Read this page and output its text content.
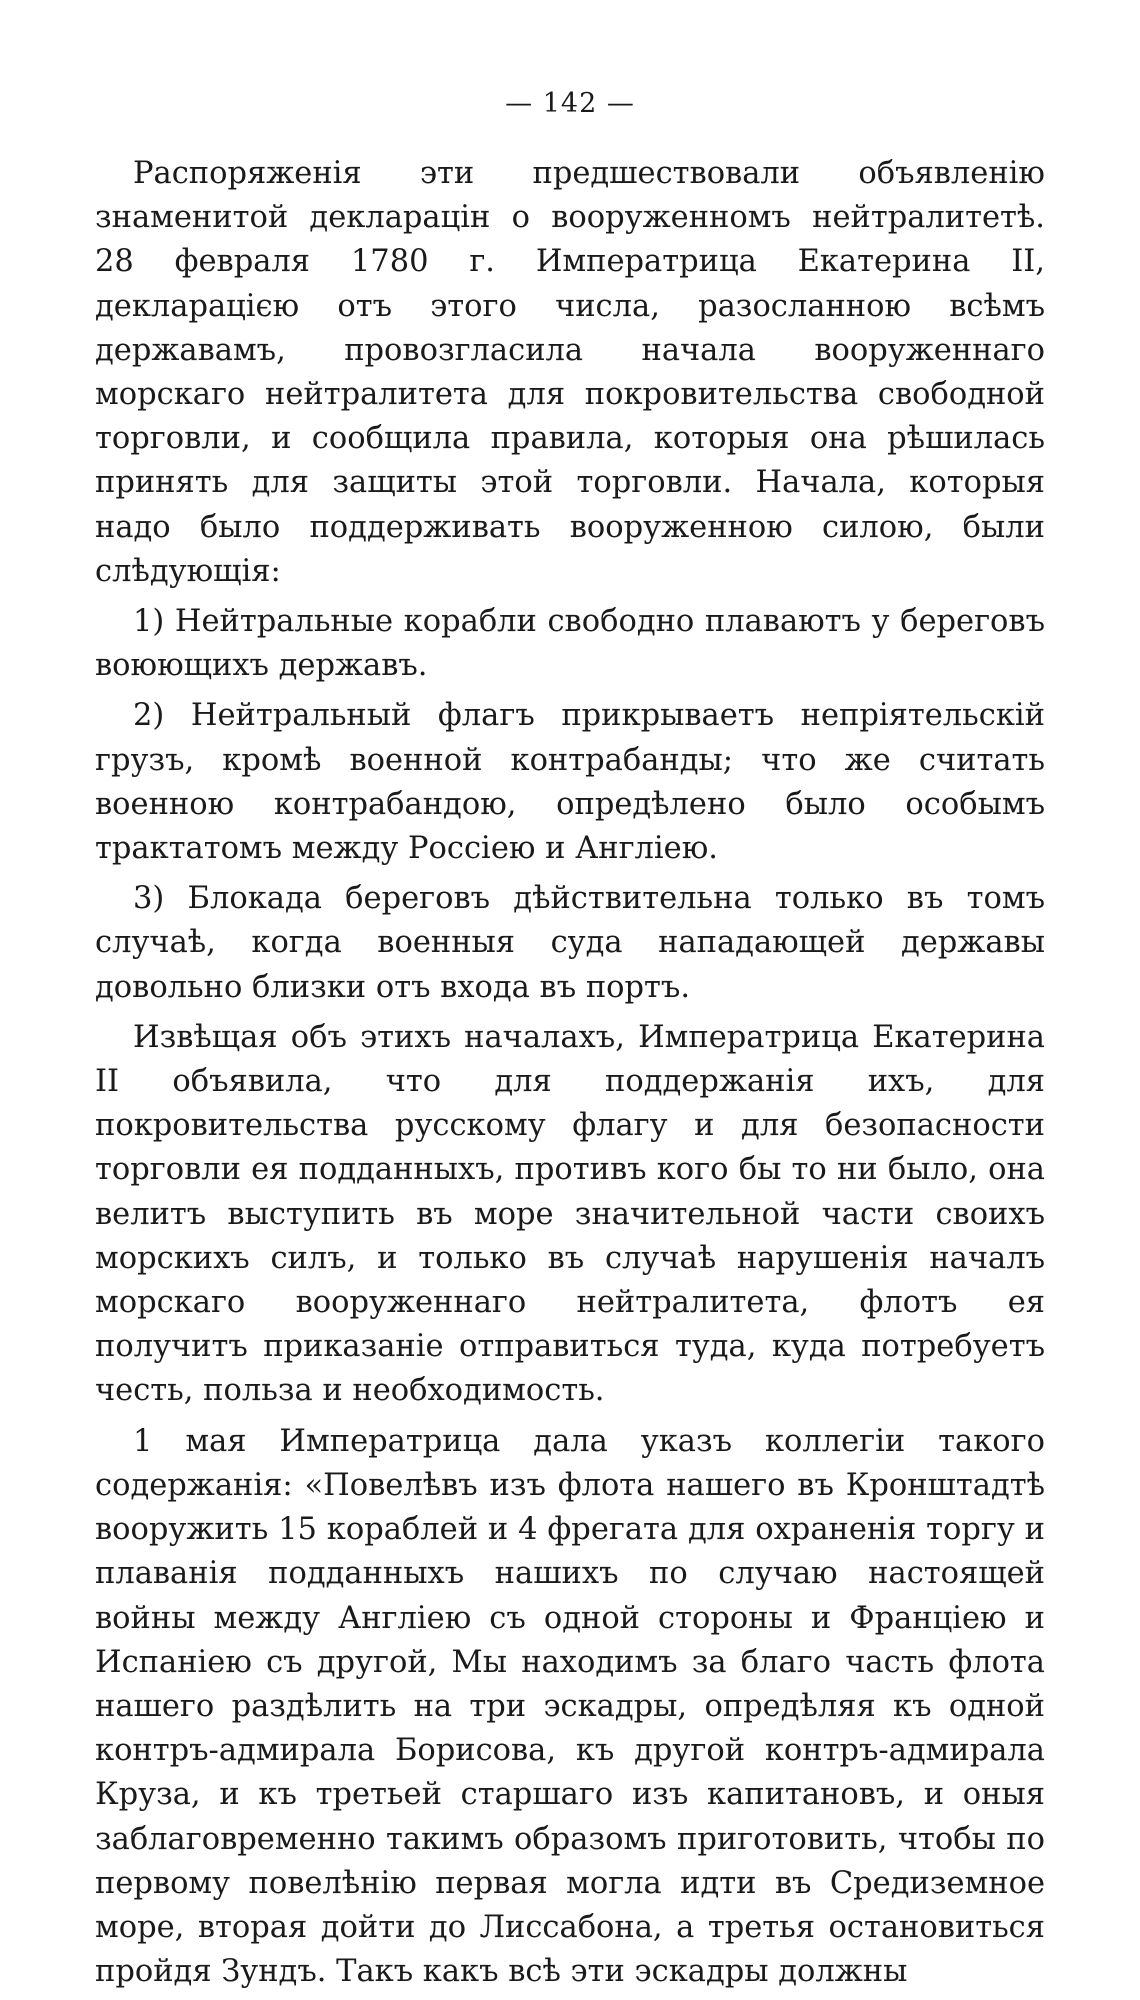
— 142 —

Распоряженія эти предшествовали объявленію знаменитой декларацін о вооруженномъ нейтралитетѣ. 28 февраля 1780 г. Императрица Екатерина II, декларацією отъ этого числа, разосланною всѣмъ державамъ, провозгласила начала вооруженнаго морскаго нейтралитета для покровительства свободной торговли, и сообщила правила, которыя она рѣшилась принять для защиты этой торговли. Начала, которыя надо было поддерживать вооруженною силою, были слѣдующія:

1) Нейтральные корабли свободно плаваютъ у береговъ воюющихъ державъ.

2) Нейтральный флагъ прикрываетъ непріятельскій грузъ, кромѣ военной контрабанды; что же считать военною контрабандою, опредѣлено было особымъ трактатомъ между Россіею и Англіею.

3) Блокада береговъ дѣйствительна только въ томъ случаѣ, когда военныя суда нападающей державы довольно близки отъ входа въ портъ.

Извѣщая объ этихъ началахъ, Императрица Екатерина II объявила, что для поддержанія ихъ, для покровительства русскому флагу и для безопасности торговли ея подданныхъ, противъ кого бы то ни было, она велитъ выступить въ море значительной части своихъ морскихъ силъ, и только въ случаѣ нарушенія началъ морскаго вооруженнаго нейтралитета, флотъ ея получитъ приказаніе отправиться туда, куда потребуетъ честь, польза и необходимость.

1 мая Императрица дала указъ коллегіи такого содержанія: «Повелѣвъ изъ флота нашего въ Кронштадтѣ вооружить 15 кораблей и 4 фрегата для охраненія торгу и плаванія подданныхъ нашихъ по случаю настоящей войны между Англіею съ одной стороны и Франціею и Испаніею съ другой, Мы находимъ за благо часть флота нашего раздѣлить на три эскадры, опредѣляя къ одной контръ-адмирала Борисова, къ другой контръ-адмирала Круза, и къ третьей старшаго изъ капитановъ, и оныя заблаговременно такимъ образомъ приготовить, чтобы по первому повелѣнію первая могла идти въ Средиземное море, вторая дойти до Лиссабона, а третья остановиться пройдя Зундъ. Такъ какъ всѣ эти эскадры должны
